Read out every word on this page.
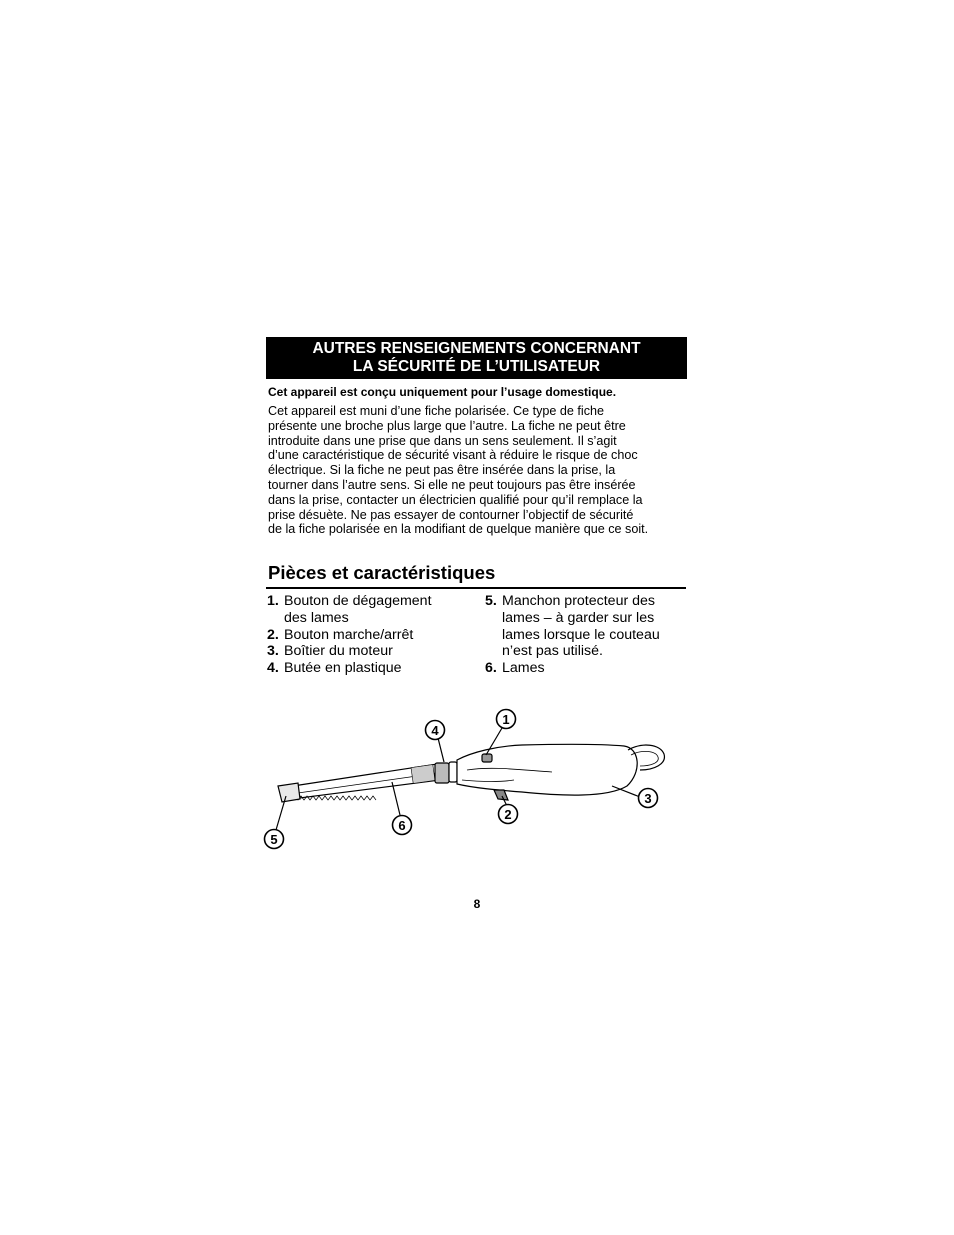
AUTRES RENSEIGNEMENTS CONCERNANT
LA SÉCURITÉ DE L’UTILISATEUR
Cet appareil est conçu uniquement pour l’usage domestique.
Cet appareil est muni d’une fiche polarisée. Ce type de fiche
présente une broche plus large que l’autre. La fiche ne peut être
introduite dans une prise que dans un sens seulement. Il s’agit
d’une caractéristique de sécurité visant à réduire le risque de choc
électrique. Si la fiche ne peut pas être insérée dans la prise, la
tourner dans l’autre sens. Si elle ne peut toujours pas être insérée
dans la prise, contacter un électricien qualifié pour qu’il remplace la
prise désuète. Ne pas essayer de contourner l’objectif de sécurité
de la fiche polarisée en la modifiant de quelque manière que ce soit.
Pièces et caractéristiques
1. Bouton de dégagement
des lames
2. Bouton marche/arrêt
3. Boîtier du moteur
4. Butée en plastique
5. Manchon protecteur des
lames – à garder sur les
lames lorsque le couteau
n’est pas utilisé.
6. Lames
1
2
3
4
5
6
8
